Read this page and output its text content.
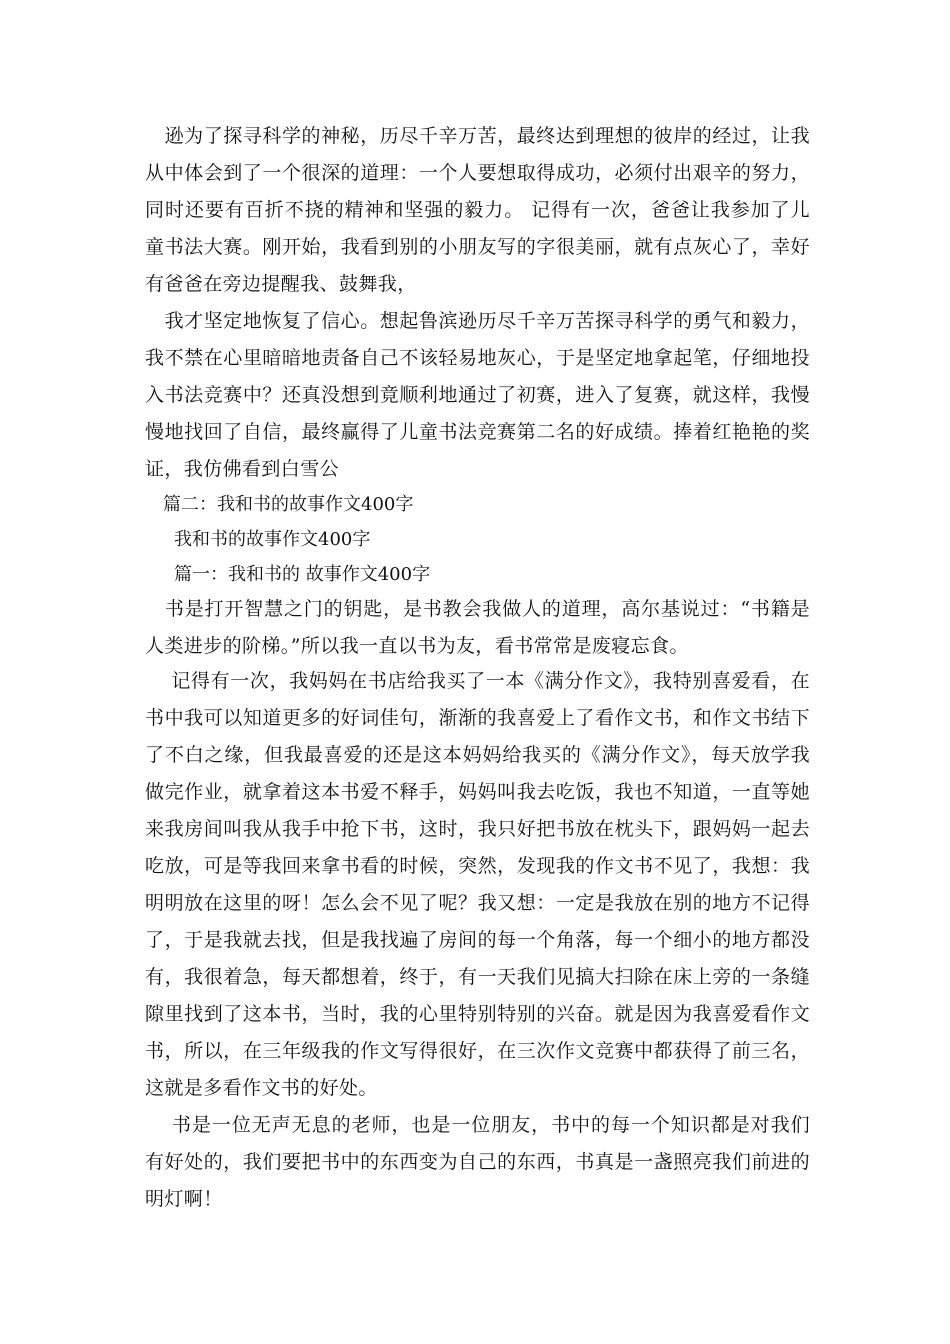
　逊为了探寻科学的神秘，历尽千辛万苦，最终达到理想的彼岸的经过，让我从中体会到了一个很深的道理：一个人要想取得成功，必须付出艰辛的努力，同时还要有百折不挠的精神和坚强的毅力。 记得有一次，爸爸让我参加了儿童书法大赛。刚开始，我看到别的小朋友写的字很美丽，就有点灰心了，幸好有爸爸在旁边提醒我、鼓舞我，

　我才坚定地恢复了信心。想起鲁滨逊历尽千辛万苦探寻科学的勇气和毅力，我不禁在心里暗暗地责备自己不该轻易地灰心，于是坚定地拿起笔，仔细地投入书法竞赛中？还真没想到竟顺利地通过了初赛，进入了复赛，就这样，我慢慢地找回了自信，最终赢得了儿童书法竞赛第二名的好成绩。捧着红艳艳的奖证，我仿佛看到白雪公

篇二：我和书的故事作文400字

我和书的故事作文400字

篇一：我和书的 故事作文400字

　书是打开智慧之门的钥匙，是书教会我做人的道理，高尔基说过：“书籍是人类进步的阶梯。”所以我一直以书为友，看书常常是废寝忘食。

　 记得有一次，我妈妈在书店给我买了一本《满分作文》，我特别喜爱看，在书中我可以知道更多的好词佳句，渐渐的我喜爱上了看作文书，和作文书结下了不白之缘，但我最喜爱的还是这本妈妈给我买的《满分作文》，每天放学我做完作业，就拿着这本书爱不释手，妈妈叫我去吃饭，我也不知道，一直等她来我房间叫我从我手中抢下书，这时，我只好把书放在枕头下，跟妈妈一起去吃放，可是等我回来拿书看的时候，突然，发现我的作文书不见了，我想：我明明放在这里的呀！怎么会不见了呢？我又想：一定是我放在别的地方不记得了，于是我就去找，但是我找遍了房间的每一个角落，每一个细小的地方都没有，我很着急，每天都想着，终于，有一天我们见搞大扫除在床上旁的一条缝隙里找到了这本书，当时，我的心里特别特别的兴奋。就是因为我喜爱看作文书，所以，在三年级我的作文写得很好，在三次作文竞赛中都获得了前三名，这就是多看作文书的好处。

　 书是一位无声无息的老师，也是一位朋友，书中的每一个知识都是对我们有好处的，我们要把书中的东西变为自己的东西，书真是一盏照亮我们前进的明灯啊！
